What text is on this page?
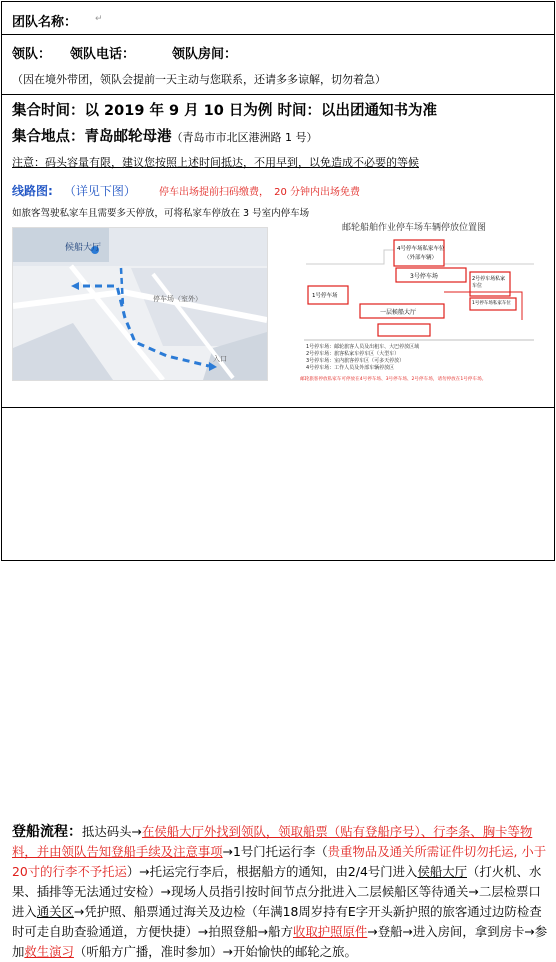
团队名称： ↵
领队： 领队电话：	领队房间：
（因在境外带团，领队会提前一天主动与您联系，还请多多谅解，切勿着急）
集合时间：以 2019 年 9 月 10 日为例 时间：以出团通知书为准
集合地点：青岛邮轮母港（青岛市市北区港洲路 1 号）
注意：码头容量有限，建议您按照上述时间抵达，不用早到，以免造成不必要的等候
线路图: （详见下图） 停车出场提前扫码缴费， 20 分钟内出场免费
如旅客驾驶私家车且需要多天停放，可将私家车停放在 3 号室内停车场
候船大厅
停车场（室外）
入口
邮轮船舶作业停车场车辆停放位置图
4号停车场私家车位
（外部车辆）
3号停车场
1号停车场
2号停车场私家车位
1号停车场私家车位
一层候船大厅
1号停车场：邮轮旅客人员及出租车、大巴停放区域
2号停车场：旅客私家车停车区（大型车）
3号停车场：室内旅客停车区（可多天停放）
4号停车场：工作人员及外部车辆停放区
邮轮旅客停放私家车可停放在4号停车场、3号停车场、2号停车场，请勿停放在1号停车场。
登船流程：抵达码头→在侯船大厅外找到领队，领取船票（贴有登船序号）、行李条、胸卡等物料，并由领队告知登船手续及注意事项→1号门托运行李（贵重物品及通关所需证件切勿托运, 小于20寸的行李不予托运）→托运完行李后，根据船方的通知，由2/4号门进入侯船大厅（打火机、水果、插排等无法通过安检）→现场人员指引按时间节点分批进入二层候船区等待通关→二层检票口进入通关区→凭护照、船票通过海关及边检（年满18周岁持有E字开头新护照的旅客通过边防检查时可走自助查验通道，方便快捷）→拍照登船→船方收取护照原件→登船→进入房间，拿到房卡→参加救生演习（听船方广播，准时参加）→开始愉快的邮轮之旅。
